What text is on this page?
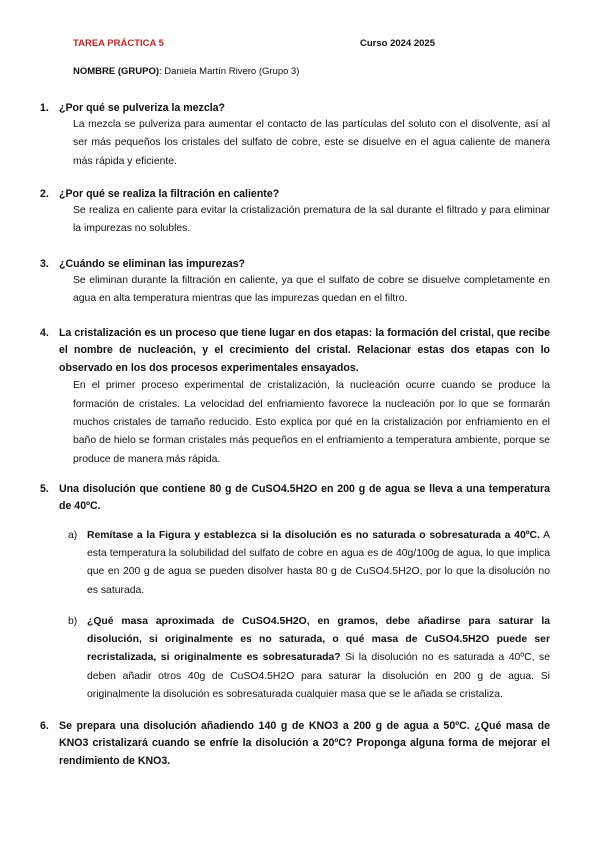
TAREA PRÁCTICA 5	Curso 2024 2025
NOMBRE (GRUPO): Daniela Martín Rivero (Grupo 3)
1. ¿Por qué se pulveriza la mezcla?
La mezcla se pulveriza para aumentar el contacto de las partículas del soluto con el disolvente, así al ser más pequeños los cristales del sulfato de cobre, este se disuelve en el agua caliente de manera más rápida y eficiente.
2. ¿Por qué se realiza la filtración en caliente?
Se realiza en caliente para evitar la cristalización prematura de la sal durante el filtrado y para eliminar la impurezas no solubles.
3. ¿Cuándo se eliminan las impurezas?
Se eliminan durante la filtración en caliente, ya que el sulfato de cobre se disuelve completamente en agua en alta temperatura mientras que las impurezas quedan en el filtro.
4. La cristalización es un proceso que tiene lugar en dos etapas: la formación del cristal, que recibe el nombre de nucleación, y el crecimiento del cristal. Relacionar estas dos etapas con lo observado en los dos procesos experimentales ensayados.
En el primer proceso experimental de cristalización, la nucleación ocurre cuando se produce la formación de cristales. La velocidad del enfriamiento favorece la nucleación por lo que se formarán muchos cristales de tamaño reducido. Esto explica por qué en la cristalización por enfriamiento en el baño de hielo se forman cristales más pequeños en el enfriamiento a temperatura ambiente, porque se produce de manera más rápida.
5. Una disolución que contiene 80 g de CuSO4.5H2O en 200 g de agua se lleva a una temperatura de 40ºC.
a) Remítase a la Figura y establezca si la disolución es no saturada o sobresaturada a 40ºC. A esta temperatura la solubilidad del sulfato de cobre en agua es de 40g/100g de agua, lo que implica que en 200 g de agua se pueden disolver hasta 80 g de CuSO4.5H2O, por lo que la disolución no es saturada.
b) ¿Qué masa aproximada de CuSO4.5H2O, en gramos, debe añadirse para saturar la disolución, si originalmente es no saturada, o qué masa de CuSO4.5H2O puede ser recristalizada, si originalmente es sobresaturada? Si la disolución no es saturada a 40ºC, se deben añadir otros 40g de CuSO4.5H2O para saturar la disolución en 200 g de agua. Si originalmente la disolución es sobresaturada cualquier masa que se le añada se cristaliza.
6. Se prepara una disolución añadiendo 140 g de KNO3 a 200 g de agua a 50ºC. ¿Qué masa de KNO3 cristalizará cuando se enfríe la disolución a 20ºC? Proponga alguna forma de mejorar el rendimiento de KNO3.
